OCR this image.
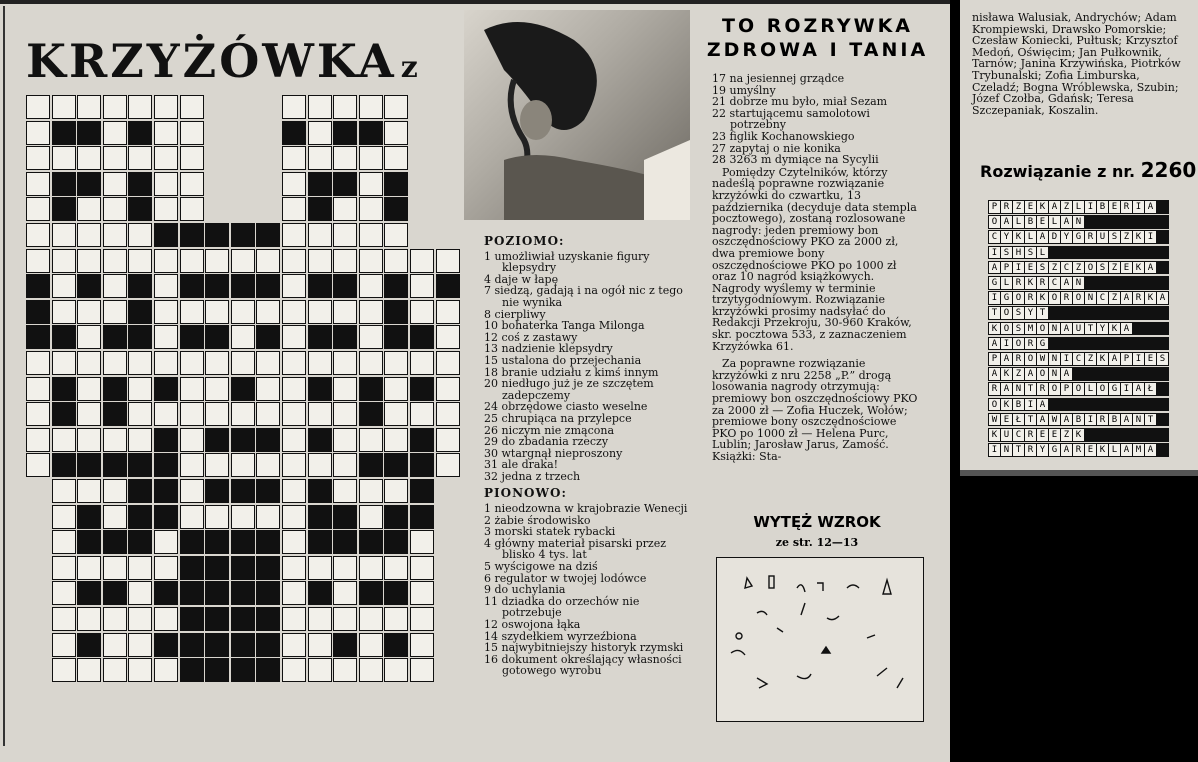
KRZYŻÓWKA z
TO ROZRYWKA
ZDROWA I TANIA
POZIOMO:
1 umożliwiał uzyskanie figury klepsydry
4 daje w łapę
7 siedzą, gadają i na ogół nic z tego nie wynika
8 cierpliwy
10 bohaterka Tanga Milonga
12 coś z zastawy
13 nadzienie klepsydry
15 ustalona do przejechania
18 branie udziału z kimś innym
20 niedługo już je ze szczętem zadepczemy
24 obrzędowe ciasto weselne
25 chrupiąca na przylepce
26 niczym nie zmącona
29 do zbadania rzeczy
30 wtargnął nieproszony
31 ale draka!
32 jedna z trzech
PIONOWO:
1 nieodzowna w krajobrazie Wenecji
2 żabie środowisko
3 morski statek rybacki
4 główny materiał pisarski przez blisko 4 tys. lat
5 wyścigowe na dziś
6 regulator w twojej lodówce
9 do uchylania
11 dziadka do orzechów nie potrzebuje
12 oswojona łąka
14 szydełkiem wyrzeźbiona
15 najwybitniejszy historyk rzymski
16 dokument określający własności gotowego wyrobu
17 na jesiennej grządce
19 umyślny
21 dobrze mu było, miał Sezam
22 startującemu samolotowi potrzebny
23 figlik Kochanowskiego
27 zapytaj o nie konika
28 3263 m dymiące na Sycylii
Pomiędzy Czytelników, którzy nadeślą poprawne rozwiązanie krzyżówki do czwartku, 13 października (decyduje data stempla pocztowego), zostaną rozlosowane nagrody: jeden premiowy bon oszczędnościowy PKO za 2000 zł, dwa premiowe bony oszczędnościowe PKO po 1000 zł oraz 10 nagród książkowych. Nagrody wyślemy w terminie trzytygodniowym. Rozwiązanie krzyżówki prosimy nadsyłać do Redakcji Przekroju, 30-960 Kraków, skr. pocztowa 533, z zaznaczeniem Krzyżówka 61.
Za poprawne rozwiązanie krzyżówki z nru 2258 „P.” drogą losowania nagrody otrzymują: premiowy bon oszczędnościowy PKO za 2000 zł — Zofia Huczek, Wołów; premiowe bony oszczędnościowe PKO po 1000 zł — Helena Purc, Lublin; Jarosław Jarus, Zamość. Książki: Sta-
WYTĘŻ WZROK
ze str. 12—13
nisława Walusiak, Andrychów; Adam Krompiewski, Drawsko Pomorskie; Czesław Koniecki, Pułtusk; Krzysztof Medoń, Oświęcim; Jan Pułkownik, Tarnów; Janina Krzywińska, Piotrków Trybunalski; Zofia Limburska, Czeladź; Bogna Wróblewska, Szubin; Józef Czołba, Gdańsk; Teresa Szczepaniak, Koszalin.
Rozwiązanie z nr. 2260
P R Z E K A Z L I B E R I A
O A L B E L A N
C Y K L A D Y G R U S Z K I
I S H S L
A P I E S Z C Z O S Z E K A
G L R K R C A N
I G O R K O R O N C Z A R K A
T O S Y T
K O S M O N A U T Y K A
A I O R G
P A R O W N I C Z K A P I E S
A K Z A O N A
R A N T R O P O L O G I A Ł
O K B I A
W E Ł T A W A B I R B A N T
K U C R E E Z K
I N T R Y G A R E K L A M A
